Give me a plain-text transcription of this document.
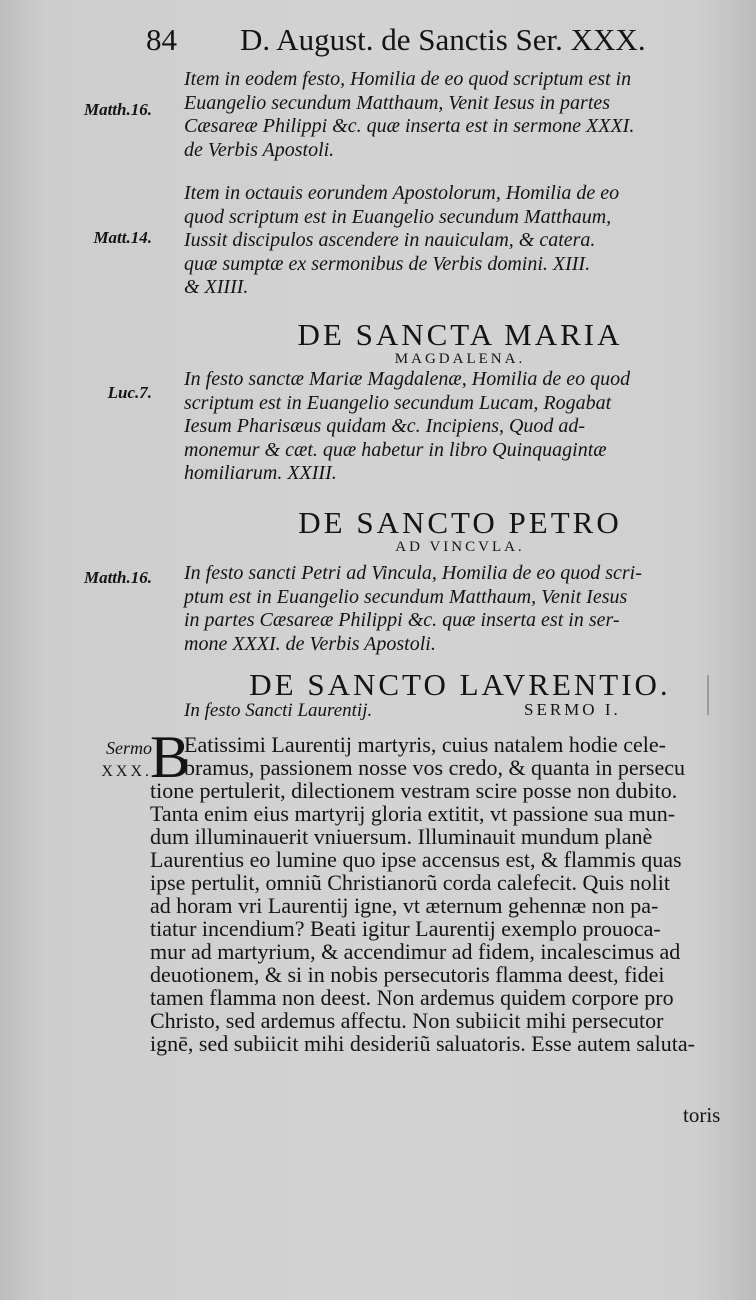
84 D. August. de Sanctis Ser. XXX.
Matth.16.
Matt.14.
Luc.7.
Matth.16.
Sermo
XXX.
Item in eodem festo, Homilia de eo quod scriptum est in
Euangelio secundum Matthaum, Venit Iesus in partes
Cæsareæ Philippi &c. quæ inserta est in sermone XXXI.
de Verbis Apostoli.
Item in octauis eorundem Apostolorum, Homilia de eo
quod scriptum est in Euangelio secundum Matthaum,
Iussit discipulos ascendere in nauiculam, & catera.
quæ sumptæ ex sermonibus de Verbis domini. XIII.
& XIIII.
DE SANCTA MARIA
MAGDALENA.
In festo sanctæ Mariæ Magdalenæ, Homilia de eo quod
scriptum est in Euangelio secundum Lucam, Rogabat
Iesum Pharisæus quidam &c. Incipiens, Quod ad-
monemur & cæt. quæ habetur in libro Quinquagintæ
homiliarum. XXIII.
DE SANCTO PETRO
AD VINCVLA.
In festo sancti Petri ad Vincula, Homilia de eo quod scri-
ptum est in Euangelio secundum Matthaum, Venit Iesus
in partes Cæsareæ Philippi &c. quæ inserta est in ser-
mone XXXI. de Verbis Apostoli.
DE SANCTO LAVRENTIO.
In festo Sancti Laurentij.	SERMO I.
B
Eatissimi Laurentij martyris, cuius natalem hodie cele-
bramus, passionem nosse vos credo, & quanta in persecu
tione pertulerit, dilectionem vestram scire posse non dubito.
Tanta enim eius martyrij gloria extitit, vt passione sua mun-
dum illuminauerit vniuersum. Illuminauit mundum planè
Laurentius eo lumine quo ipse accensus est, & flammis quas
ipse pertulit, omniũ Christianorũ corda calefecit. Quis nolit
ad horam vri Laurentij igne, vt æternum gehennæ non pa-
tiatur incendium? Beati igitur Laurentij exemplo prouoca-
mur ad martyrium, & accendimur ad fidem, incalescimus ad
deuotionem, & si in nobis persecutoris flamma deest, fidei
tamen flamma non deest. Non ardemus quidem corpore pro
Christo, sed ardemus affectu. Non subiicit mihi persecutor
ignē, sed subiicit mihi desideriũ saluatoris. Esse autem saluta-
toris
